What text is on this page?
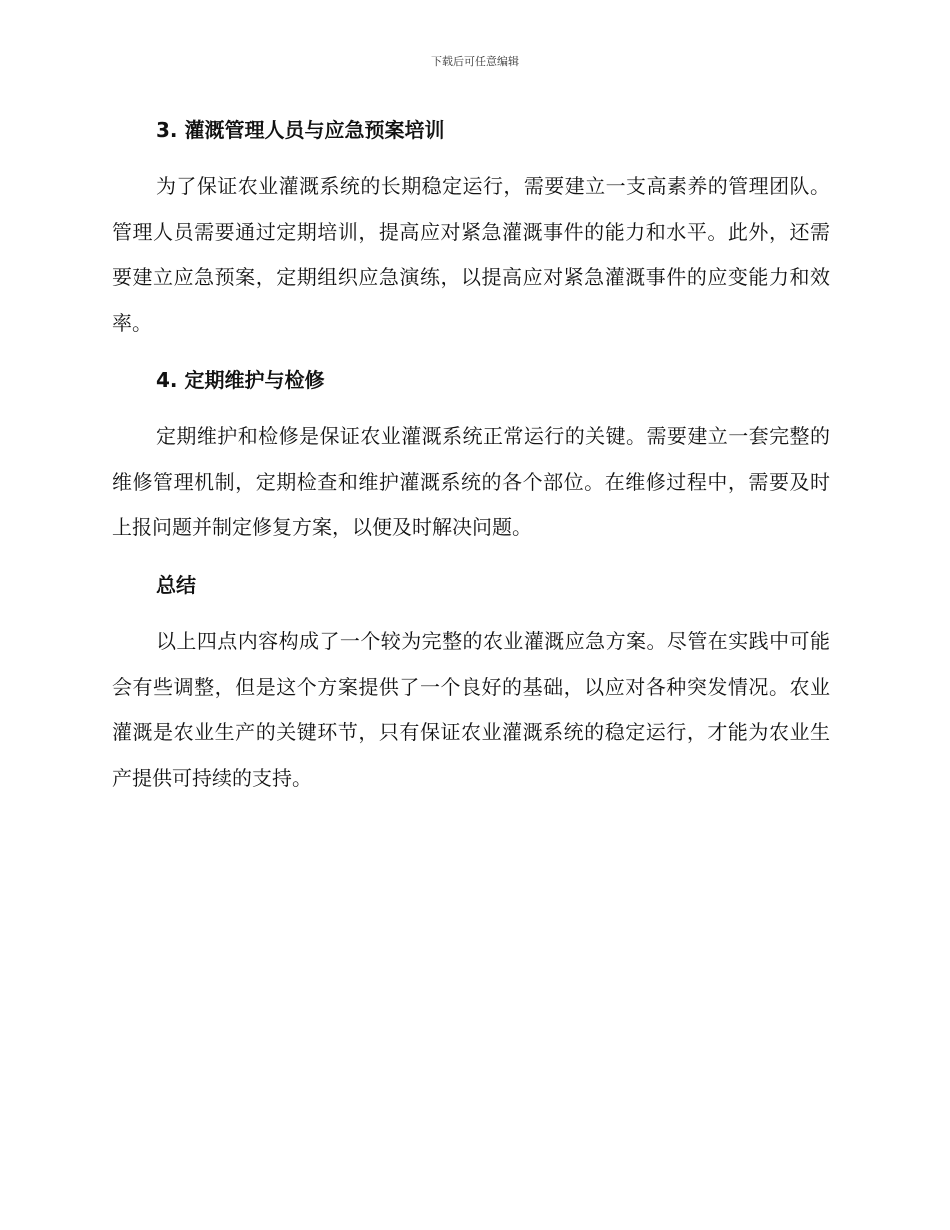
下载后可任意编辑
3. 灌溉管理人员与应急预案培训
为了保证农业灌溉系统的长期稳定运行，需要建立一支高素养的管理团队。管理人员需要通过定期培训，提高应对紧急灌溉事件的能力和水平。此外，还需要建立应急预案，定期组织应急演练，以提高应对紧急灌溉事件的应变能力和效率。
4. 定期维护与检修
定期维护和检修是保证农业灌溉系统正常运行的关键。需要建立一套完整的维修管理机制，定期检查和维护灌溉系统的各个部位。在维修过程中，需要及时上报问题并制定修复方案，以便及时解决问题。
总结
以上四点内容构成了一个较为完整的农业灌溉应急方案。尽管在实践中可能会有些调整，但是这个方案提供了一个良好的基础，以应对各种突发情况。农业灌溉是农业生产的关键环节，只有保证农业灌溉系统的稳定运行，才能为农业生产提供可持续的支持。
